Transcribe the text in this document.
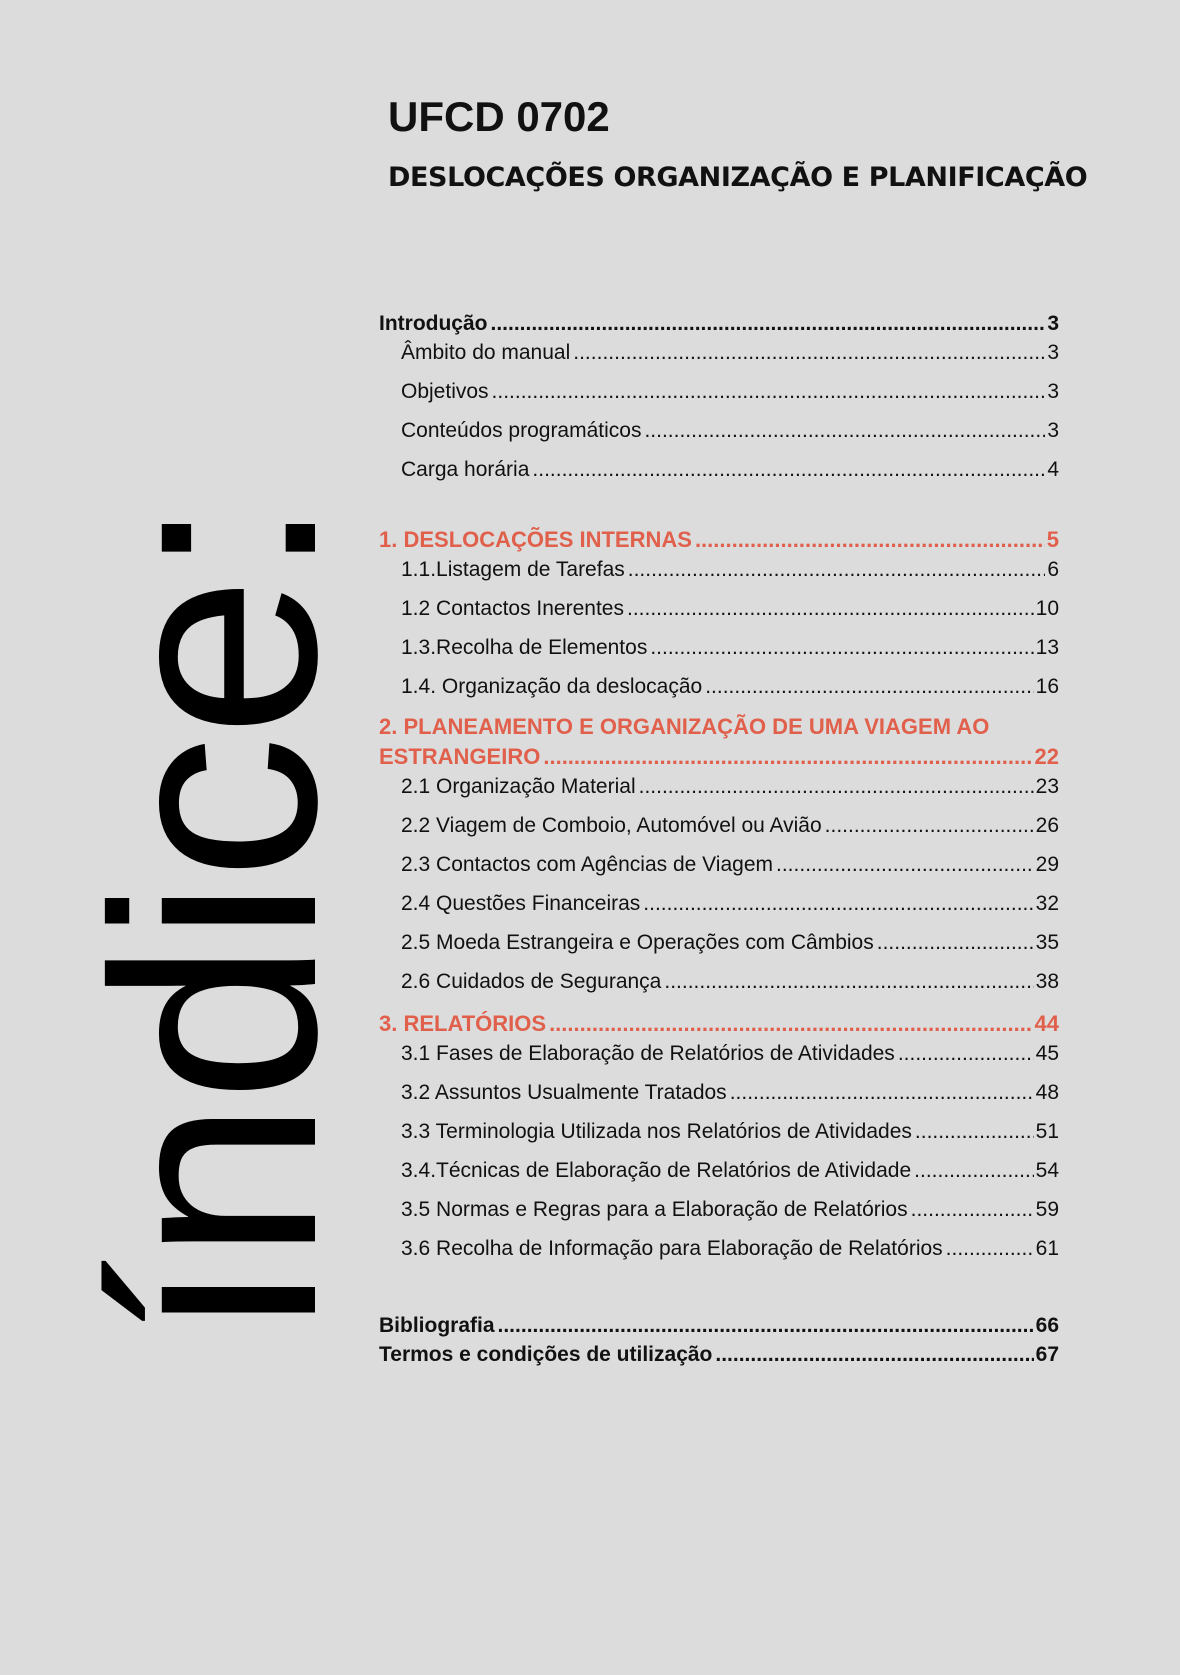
índice:
UFCD 0702
DESLOCAÇÕES ORGANIZAÇÃO E PLANIFICAÇÃO
Introdução .....	3
Âmbito do manual .....	3
Objetivos .....	3
Conteúdos programáticos .....	3
Carga horária .....	4
1. DESLOCAÇÕES INTERNAS .....	5
1.1.Listagem de Tarefas .....	6
1.2 Contactos Inerentes .....	10
1.3.Recolha de Elementos .....	13
1.4. Organização da deslocação .....	16
2. PLANEAMENTO E ORGANIZAÇÃO DE UMA VIAGEM AO
ESTRANGEIRO .....	22
2.1 Organização Material .....	23
2.2 Viagem de Comboio, Automóvel ou Avião .....	26
2.3 Contactos com Agências de Viagem .....	29
2.4 Questões Financeiras .....	32
2.5 Moeda Estrangeira e Operações com Câmbios .....	35
2.6 Cuidados de Segurança .....	38
3. RELATÓRIOS .....	44
3.1 Fases de Elaboração de Relatórios de Atividades .....	45
3.2 Assuntos Usualmente Tratados .....	48
3.3 Terminologia Utilizada nos Relatórios de Atividades .....	51
3.4.Técnicas de Elaboração de Relatórios de Atividade .....	54
3.5 Normas e Regras para a Elaboração de Relatórios .....	59
3.6 Recolha de Informação para Elaboração de Relatórios .....	61
Bibliografia .....	66
Termos e condições de utilização .....	67
